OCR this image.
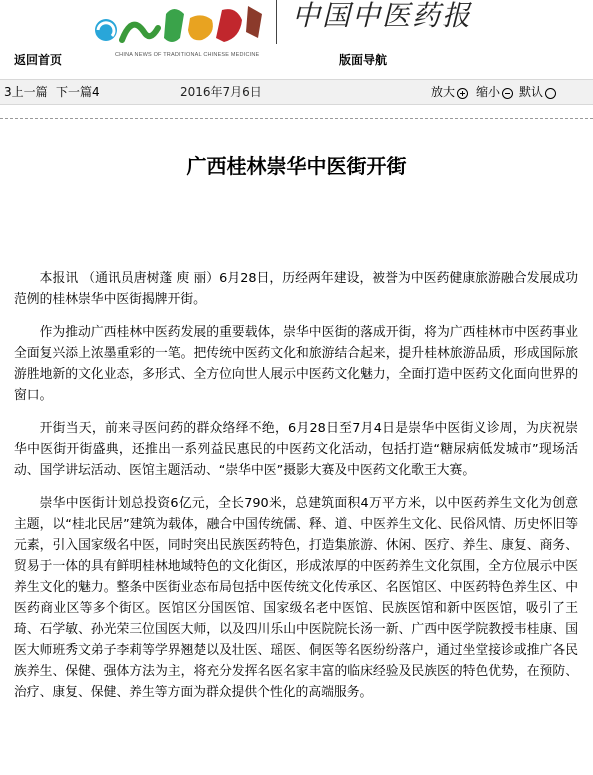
CHINA NEWS OF TRADITIONAL CHINESE MEDICINE
中国中医药报
返回首页	版面导航
3上一篇 下一篇4	2016年7月6日	放大 缩小 默认
广西桂林崇华中医街开街

本报讯 （通讯员唐树蓬 庾 丽）6月28日，历经两年建设，被誉为中医药健康旅游融合发展成功范例的桂林崇华中医街揭牌开街。

作为推动广西桂林中医药发展的重要载体，崇华中医街的落成开街，将为广西桂林市中医药事业全面复兴添上浓墨重彩的一笔。把传统中医药文化和旅游结合起来，提升桂林旅游品质，形成国际旅游胜地新的文化业态，多形式、全方位向世人展示中医药文化魅力，全面打造中医药文化面向世界的窗口。

开街当天，前来寻医问药的群众络绎不绝，6月28日至7月4日是崇华中医街义诊周，为庆祝崇华中医街开街盛典，还推出一系列益民惠民的中医药文化活动，包括打造“糖尿病低发城市”现场活动、国学讲坛活动、医馆主题活动、“崇华中医”摄影大赛及中医药文化歌王大赛。

崇华中医街计划总投资6亿元，全长790米，总建筑面积4万平方米，以中医药养生文化为创意主题，以“桂北民居”建筑为载体，融合中国传统儒、释、道、中医养生文化、民俗风情、历史怀旧等元素，引入国家级名中医，同时突出民族医药特色，打造集旅游、休闲、医疗、养生、康复、商务、贸易于一体的具有鲜明桂林地域特色的文化街区，形成浓厚的中医药养生文化氛围，全方位展示中医养生文化的魅力。整条中医街业态布局包括中医传统文化传承区、名医馆区、中医药特色养生区、中医药商业区等多个街区。医馆区分国医馆、国家级名老中医馆、民族医馆和新中医医馆，吸引了王琦、石学敏、孙光荣三位国医大师，以及四川乐山中医院院长汤一新、广西中医学院教授韦桂康、国医大师班秀文弟子李莉等学界翘楚以及壮医、瑶医、侗医等名医纷纷落户，通过坐堂接诊或推广各民族养生、保健、强体方法为主，将充分发挥名医名家丰富的临床经验及民族医的特色优势，在预防、治疗、康复、保健、养生等方面为群众提供个性化的高端服务。
